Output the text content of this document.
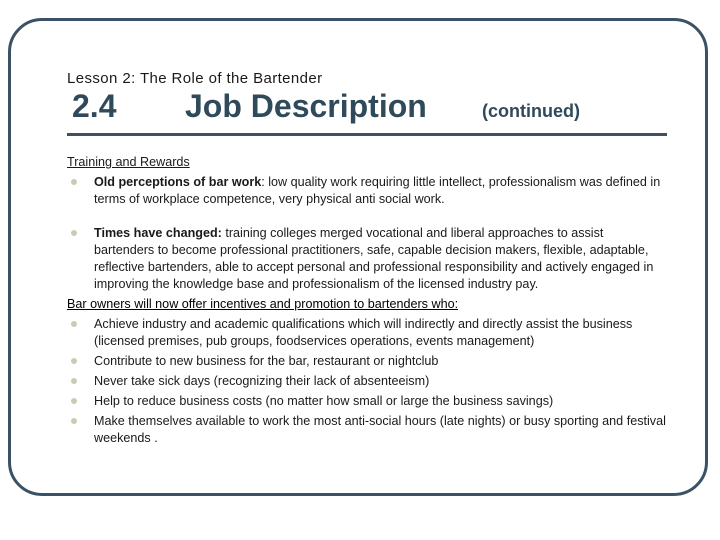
Lesson 2: The Role of the Bartender
2.4 Job Description	(continued)
Training and Rewards
Old perceptions of bar work: low quality work requiring little intellect, professionalism was defined in terms of workplace competence, very physical anti social work.
Times have changed: training colleges merged vocational and liberal approaches to assist bartenders to become professional practitioners, safe, capable decision makers, flexible, adaptable, reflective bartenders, able to accept personal and professional responsibility and actively engaged in improving the knowledge base and professionalism of the licensed industry pay.
Bar owners will now offer incentives and promotion to bartenders who:
Achieve industry and academic qualifications which will indirectly and directly assist the business (licensed premises, pub groups, foodservices operations, events management)
Contribute to new business for the bar, restaurant or nightclub
Never take sick days (recognizing their lack of absenteeism)
Help to reduce business costs (no matter how small or large the business savings)
Make themselves available to work the most anti-social hours (late nights) or busy sporting and festival weekends .
